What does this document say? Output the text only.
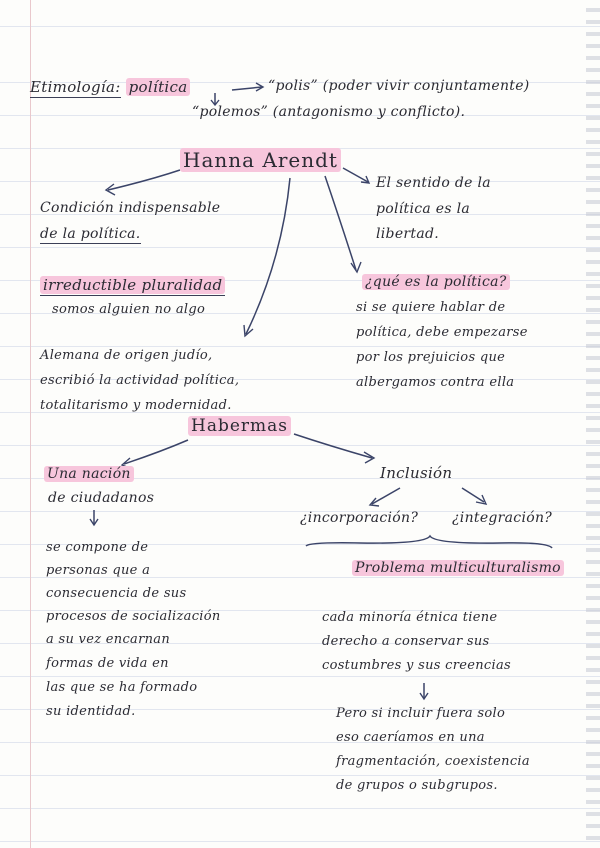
Etimología: política	“polis” (poder vivir conjuntamente)
“polemos” (antagonismo y conflicto).
Hanna Arendt
Condición indispensable
de la política.
irreductible pluralidad
somos alguien no algo
Alemana de origen judío,
escribió la actividad política,
totalitarismo y modernidad.
El sentido de la
política es la
libertad.
¿qué es la política?
si se quiere hablar de
política, debe empezarse
por los prejuicios que
albergamos contra ella
Habermas
Una nación
de ciudadanos
se compone de
personas que a
consecuencia de sus
procesos de socialización
a su vez encarnan
formas de vida en
las que se ha formado
su identidad.
Inclusión
¿incorporación? ¿integración?
Problema multiculturalismo
cada minoría étnica tiene
derecho a conservar sus
costumbres y sus creencias
Pero si incluir fuera solo
eso caeríamos en una
fragmentación, coexistencia
de grupos o subgrupos.
